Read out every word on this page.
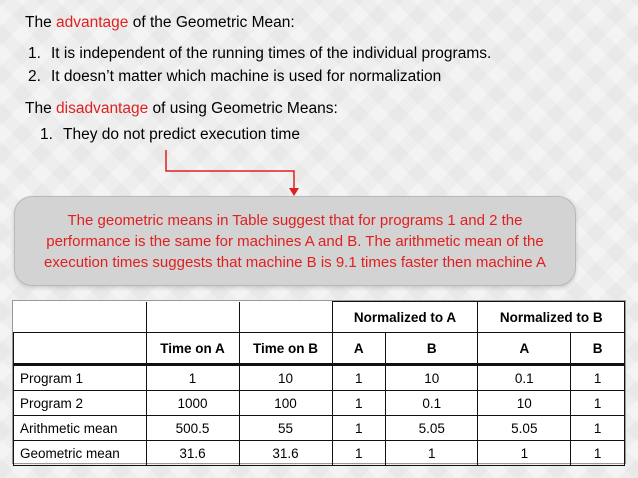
The advantage of the Geometric Mean:
1. It is independent of the running times of the individual programs.
2. It doesn’t matter which machine is used for normalization
The disadvantage of using Geometric Means:
1. They do not predict execution time
The geometric means in Table suggest that for programs 1 and 2 the performance is the same for machines A and B. The arithmetic mean of the execution times suggests that machine B is 9.1 times faster then machine A
			Normalized to A		Normalized to B	
	Time on A	Time on B	A	B	A	B
Program 1	1	10	1	10	0.1	1
Program 2	1000	100	1	0.1	10	1
Arithmetic mean	500.5	55	1	5.05	5.05	1
Geometric mean	31.6	31.6	1	1	1	1
